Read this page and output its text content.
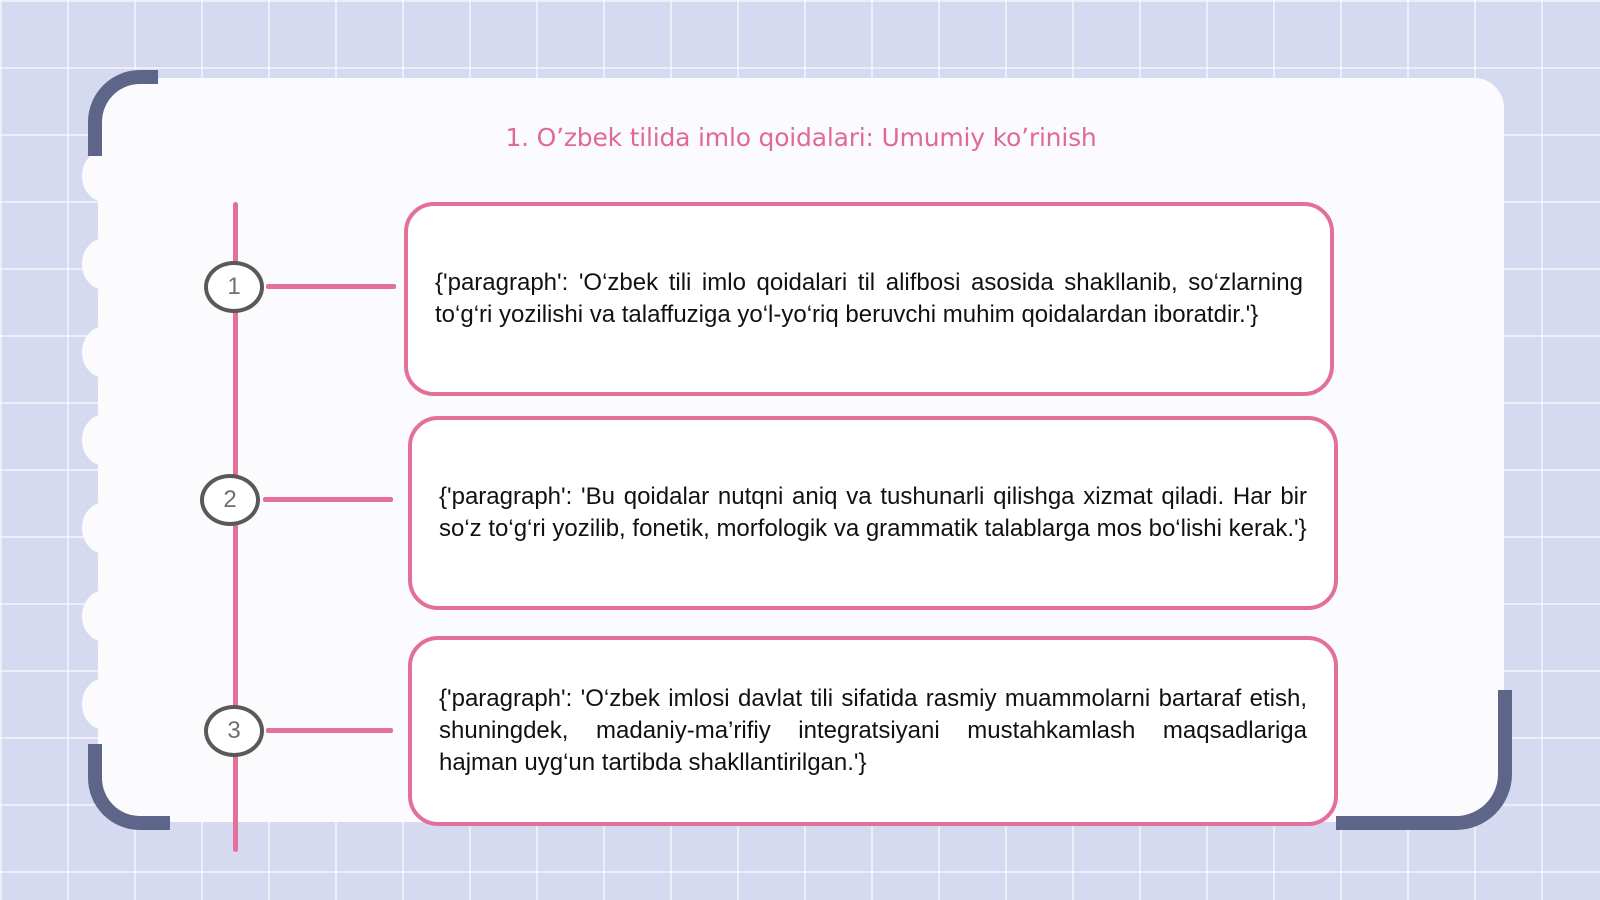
1. Oʼzbek tilida imlo qoidalari: Umumiy koʼrinish
1
2
3

{'paragraph': 'O‘zbek tili imlo qoidalari til alifbosi asosida shakllanib, so‘zlarning to‘g‘ri yozilishi va talaffuziga yo‘l-yo‘riq beruvchi muhim qoidalardan iboratdir.'}

{'paragraph': 'Bu qoidalar nutqni aniq va tushunarli qilishga xizmat qiladi. Har bir so‘z to‘g‘ri yozilib, fonetik, morfologik va grammatik talablarga mos bo‘lishi kerak.'}

{'paragraph': 'O‘zbek imlosi davlat tili sifatida rasmiy muammolarni bartaraf etish, shuningdek, madaniy-ma’rifiy integratsiyani mustahkamlash maqsadlariga hajman uyg‘un tartibda shakllantirilgan.'}
